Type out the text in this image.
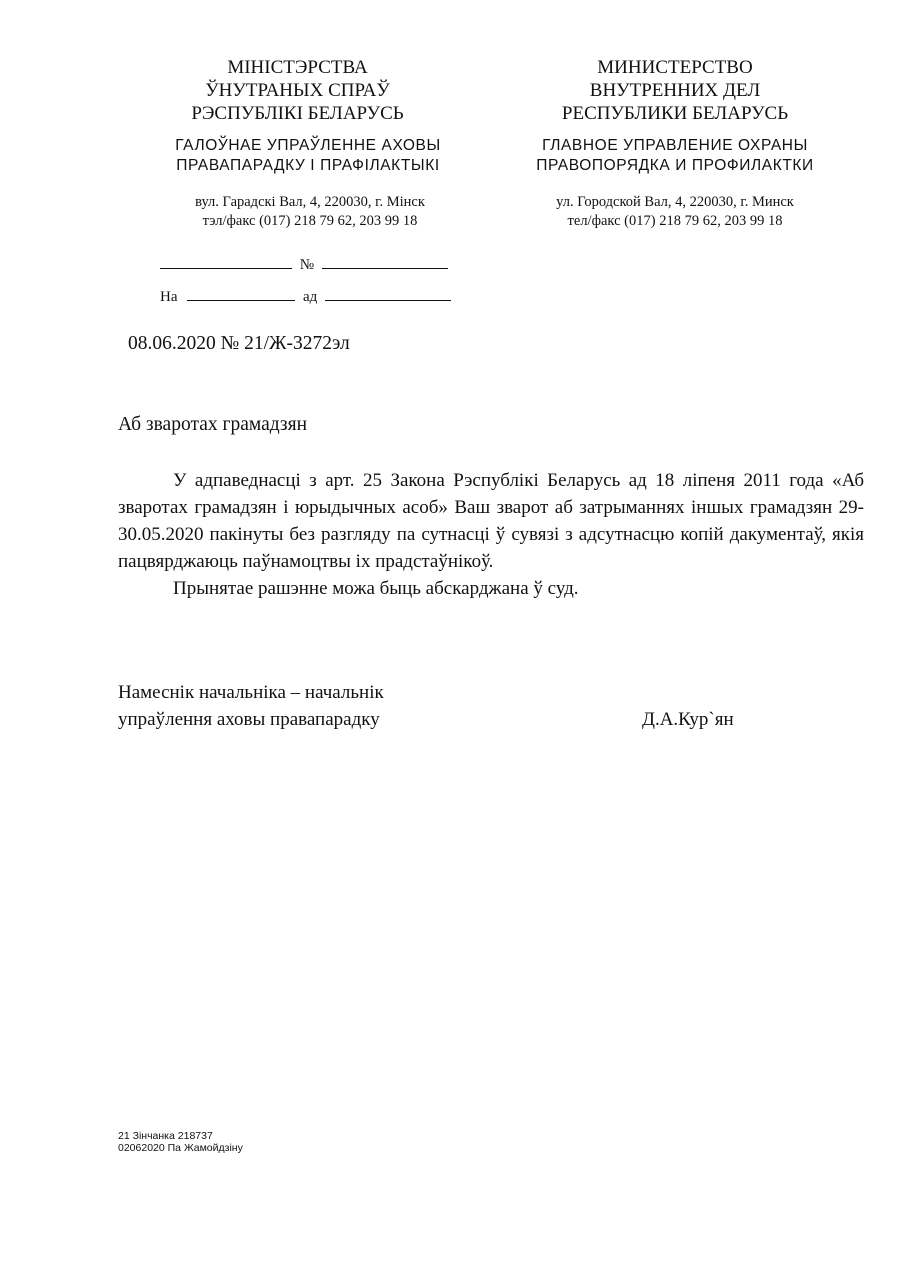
МІНІСТЭРСТВА
ЎНУТРАНЫХ СПРАЎ
РЭСПУБЛІКІ БЕЛАРУСЬ
ГАЛОЎНАЕ УПРАЎЛЕННЕ АХОВЫ
ПРАВАПАРАДКУ І ПРАФІЛАКТЫКІ
вул. Гарадскі Вал, 4, 220030, г. Мінск
тэл/факс (017) 218 79 62, 203 99 18
№
На	ад
МИНИСТЕРСТВО
ВНУТРЕННИХ ДЕЛ
РЕСПУБЛИКИ БЕЛАРУСЬ
ГЛАВНОЕ УПРАВЛЕНИЕ ОХРАНЫ
ПРАВОПОРЯДКА И ПРОФИЛАКТКИ
ул. Городской Вал, 4, 220030, г. Минск
тел/факс (017) 218 79 62, 203 99 18
08.06.2020 № 21/Ж-3272эл
Аб зваротах грамадзян

У адпаведнасці з арт. 25 Закона Рэспублікі Беларусь ад 18 ліпеня 2011 года «Аб зваротах грамадзян і юрыдычных асоб» Ваш зварот аб затрыманнях іншых грамадзян 29-30.05.2020 пакінуты без разгляду па сутнасці ў сувязі з адсутнасцю копій дакументаў, якія пацвярджаюць паўнамоцтвы іх прадстаўнікоў.

Прынятае рашэнне можа быць абскарджана ў суд.

Намеснік начальніка – начальнік
упраўлення аховы правапарадку	Д.А.Кур`ян
21 Зінчанка 218737
02062020 Па Жамойдзіну
